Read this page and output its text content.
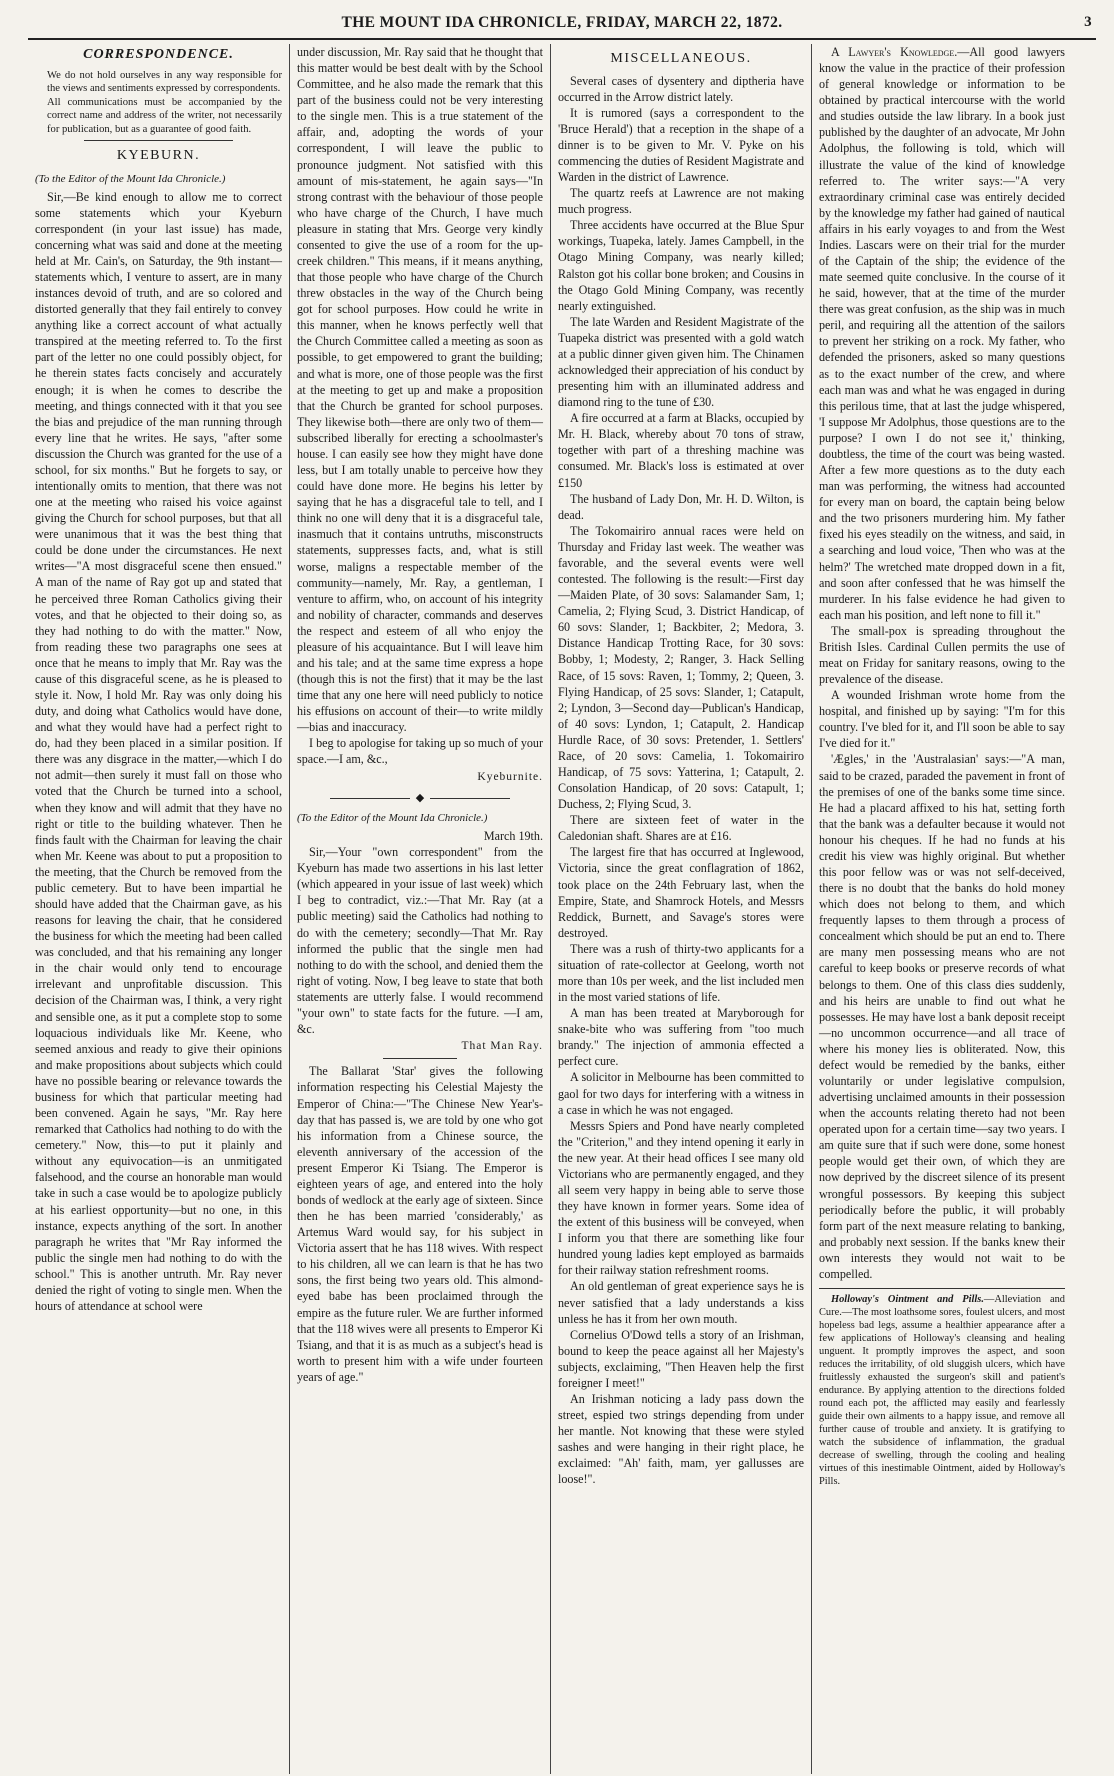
THE MOUNT IDA CHRONICLE, FRIDAY, MARCH 22, 1872.	3
CORRESPONDENCE.

We do not hold ourselves in any way responsible for the views and sentiments expressed by correspondents.

All communications must be accompanied by the correct name and address of the writer, not necessarily for publication, but as a guarantee of good faith.

KYEBURN.

(To the Editor of the Mount Ida Chronicle.)

Sir,—Be kind enough to allow me to correct some statements which your Kyeburn correspondent (in your last issue) has made, concerning what was said and done at the meeting held at Mr. Cain's, on Saturday, the 9th instant—statements which, I venture to assert, are in many instances devoid of truth, and are so colored and distorted generally that they fail entirely to convey anything like a correct account of what actually transpired at the meeting referred to. To the first part of the letter no one could possibly object, for he therein states facts concisely and accurately enough; it is when he comes to describe the meeting, and things connected with it that you see the bias and prejudice of the man running through every line that he writes. He says, "after some discussion the Church was granted for the use of a school, for six months." But he forgets to say, or intentionally omits to mention, that there was not one at the meeting who raised his voice against giving the Church for school purposes, but that all were unanimous that it was the best thing that could be done under the circumstances. He next writes—"A most disgraceful scene then ensued." A man of the name of Ray got up and stated that he perceived three Roman Catholics giving their votes, and that he objected to their doing so, as they had nothing to do with the matter." Now, from reading these two paragraphs one sees at once that he means to imply that Mr. Ray was the cause of this disgraceful scene, as he is pleased to style it. Now, I hold Mr. Ray was only doing his duty, and doing what Catholics would have done, and what they would have had a perfect right to do, had they been placed in a similar position. If there was any disgrace in the matter,—which I do not admit—then surely it must fall on those who voted that the Church be turned into a school, when they know and will admit that they have no right or title to the building whatever. Then he finds fault with the Chairman for leaving the chair when Mr. Keene was about to put a proposition to the meeting, that the Church be removed from the public cemetery. But to have been impartial he should have added that the Chairman gave, as his reasons for leaving the chair, that he considered the business for which the meeting had been called was concluded, and that his remaining any longer in the chair would only tend to encourage irrelevant and unprofitable discussion. This decision of the Chairman was, I think, a very right and sensible one, as it put a complete stop to some loquacious individuals like Mr. Keene, who seemed anxious and ready to give their opinions and make propositions about subjects which could have no possible bearing or relevance towards the business for which that particular meeting had been convened. Again he says, "Mr. Ray here remarked that Catholics had nothing to do with the cemetery." Now, this—to put it plainly and without any equivocation—is an unmitigated falsehood, and the course an honorable man would take in such a case would be to apologize publicly at his earliest opportunity—but no one, in this instance, expects anything of the sort. In another paragraph he writes that "Mr Ray informed the public the single men had nothing to do with the school." This is another untruth. Mr. Ray never denied the right of voting to single men. When the hours of attendance at school were

under discussion, Mr. Ray said that he thought that this matter would be best dealt with by the School Committee, and he also made the remark that this part of the business could not be very interesting to the single men. This is a true statement of the affair, and, adopting the words of your correspondent, I will leave the public to pronounce judgment. Not satisfied with this amount of mis-statement, he again says—"In strong contrast with the behaviour of those people who have charge of the Church, I have much pleasure in stating that Mrs. George very kindly consented to give the use of a room for the up-creek children." This means, if it means anything, that those people who have charge of the Church threw obstacles in the way of the Church being got for school purposes. How could he write in this manner, when he knows perfectly well that the Church Committee called a meeting as soon as possible, to get empowered to grant the building; and what is more, one of those people was the first at the meeting to get up and make a proposition that the Church be granted for school purposes. They likewise both—there are only two of them—subscribed liberally for erecting a schoolmaster's house. I can easily see how they might have done less, but I am totally unable to perceive how they could have done more. He begins his letter by saying that he has a disgraceful tale to tell, and I think no one will deny that it is a disgraceful tale, inasmuch that it contains untruths, misconstructs statements, suppresses facts, and, what is still worse, maligns a respectable member of the community—namely, Mr. Ray, a gentleman, I venture to affirm, who, on account of his integrity and nobility of character, commands and deserves the respect and esteem of all who enjoy the pleasure of his acquaintance. But I will leave him and his tale; and at the same time express a hope (though this is not the first) that it may be the last time that any one here will need publicly to notice his effusions on account of their—to write mildly—bias and inaccuracy.

I beg to apologise for taking up so much of your space.—I am, &c.,

Kyeburnite.

◆

(To the Editor of the Mount Ida Chronicle.)

March 19th.

Sir,—Your "own correspondent" from the Kyeburn has made two assertions in his last letter (which appeared in your issue of last week) which I beg to contradict, viz.:—That Mr. Ray (at a public meeting) said the Catholics had nothing to do with the cemetery; secondly—That Mr. Ray informed the public that the single men had nothing to do with the school, and denied them the right of voting. Now, I beg leave to state that both statements are utterly false. I would recommend "your own" to state facts for the future. —I am, &c.

That Man Ray.

The Ballarat 'Star' gives the following information respecting his Celestial Majesty the Emperor of China:—"The Chinese New Year's-day that has passed is, we are told by one who got his information from a Chinese source, the eleventh anniversary of the accession of the present Emperor Ki Tsiang. The Emperor is eighteen years of age, and entered into the holy bonds of wedlock at the early age of sixteen. Since then he has been married 'considerably,' as Artemus Ward would say, for his subject in Victoria assert that he has 118 wives. With respect to his children, all we can learn is that he has two sons, the first being two years old. This almond-eyed babe has been proclaimed through the empire as the future ruler. We are further informed that the 118 wives were all presents to Emperor Ki Tsiang, and that it is as much as a subject's head is worth to present him with a wife under fourteen years of age."

MISCELLANEOUS.

Several cases of dysentery and diptheria have occurred in the Arrow district lately.

It is rumored (says a correspondent to the 'Bruce Herald') that a reception in the shape of a dinner is to be given to Mr. V. Pyke on his commencing the duties of Resident Magistrate and Warden in the district of Lawrence.

The quartz reefs at Lawrence are not making much progress.

Three accidents have occurred at the Blue Spur workings, Tuapeka, lately. James Campbell, in the Otago Mining Company, was nearly killed; Ralston got his collar bone broken; and Cousins in the Otago Gold Mining Company, was recently nearly extinguished.

The late Warden and Resident Magistrate of the Tuapeka district was presented with a gold watch at a public dinner given given him. The Chinamen acknowledged their appreciation of his conduct by presenting him with an illuminated address and diamond ring to the tune of £30.

A fire occurred at a farm at Blacks, occupied by Mr. H. Black, whereby about 70 tons of straw, together with part of a threshing machine was consumed. Mr. Black's loss is estimated at over £150

The husband of Lady Don, Mr. H. D. Wilton, is dead.

The Tokomairiro annual races were held on Thursday and Friday last week. The weather was favorable, and the several events were well contested. The following is the result:—First day—Maiden Plate, of 30 sovs: Salamander Sam, 1; Camelia, 2; Flying Scud, 3. District Handicap, of 60 sovs: Slander, 1; Backbiter, 2; Medora, 3. Distance Handicap Trotting Race, for 30 sovs: Bobby, 1; Modesty, 2; Ranger, 3. Hack Selling Race, of 15 sovs: Raven, 1; Tommy, 2; Queen, 3. Flying Handicap, of 25 sovs: Slander, 1; Catapult, 2; Lyndon, 3—Second day—Publican's Handicap, of 40 sovs: Lyndon, 1; Catapult, 2. Handicap Hurdle Race, of 30 sovs: Pretender, 1. Settlers' Race, of 20 sovs: Camelia, 1. Tokomairiro Handicap, of 75 sovs: Yatterina, 1; Catapult, 2. Consolation Handicap, of 20 sovs: Catapult, 1; Duchess, 2; Flying Scud, 3.

There are sixteen feet of water in the Caledonian shaft. Shares are at £16.

The largest fire that has occurred at Inglewood, Victoria, since the great conflagration of 1862, took place on the 24th February last, when the Empire, State, and Shamrock Hotels, and Messrs Reddick, Burnett, and Savage's stores were destroyed.

There was a rush of thirty-two applicants for a situation of rate-collector at Geelong, worth not more than 10s per week, and the list included men in the most varied stations of life.

A man has been treated at Maryborough for snake-bite who was suffering from "too much brandy." The injection of ammonia effected a perfect cure.

A solicitor in Melbourne has been committed to gaol for two days for interfering with a witness in a case in which he was not engaged.

Messrs Spiers and Pond have nearly completed the "Criterion," and they intend opening it early in the new year. At their head offices I see many old Victorians who are permanently engaged, and they all seem very happy in being able to serve those they have known in former years. Some idea of the extent of this business will be conveyed, when I inform you that there are something like four hundred young ladies kept employed as barmaids for their railway station refreshment rooms.

An old gentleman of great experience says he is never satisfied that a lady understands a kiss unless he has it from her own mouth.

Cornelius O'Dowd tells a story of an Irishman, bound to keep the peace against all her Majesty's subjects, exclaiming, "Then Heaven help the first foreigner I meet!"

An Irishman noticing a lady pass down the street, espied two strings depending from under her mantle. Not knowing that these were styled sashes and were hanging in their right place, he exclaimed: "Ah' faith, mam, yer gallusses are loose!".

A Lawyer's Knowledge.—All good lawyers know the value in the practice of their profession of general knowledge or information to be obtained by practical intercourse with the world and studies outside the law library. In a book just published by the daughter of an advocate, Mr John Adolphus, the following is told, which will illustrate the value of the kind of knowledge referred to. The writer says:—"A very extraordinary criminal case was entirely decided by the knowledge my father had gained of nautical affairs in his early voyages to and from the West Indies. Lascars were on their trial for the murder of the Captain of the ship; the evidence of the mate seemed quite conclusive. In the course of it he said, however, that at the time of the murder there was great confusion, as the ship was in much peril, and requiring all the attention of the sailors to prevent her striking on a rock. My father, who defended the prisoners, asked so many questions as to the exact number of the crew, and where each man was and what he was engaged in during this perilous time, that at last the judge whispered, 'I suppose Mr Adolphus, those questions are to the purpose? I own I do not see it,' thinking, doubtless, the time of the court was being wasted. After a few more questions as to the duty each man was performing, the witness had accounted for every man on board, the captain being below and the two prisoners murdering him. My father fixed his eyes steadily on the witness, and said, in a searching and loud voice, 'Then who was at the helm?' The wretched mate dropped down in a fit, and soon after confessed that he was himself the murderer. In his false evidence he had given to each man his position, and left none to fill it."

The small-pox is spreading throughout the British Isles. Cardinal Cullen permits the use of meat on Friday for sanitary reasons, owing to the prevalence of the disease.

A wounded Irishman wrote home from the hospital, and finished up by saying: "I'm for this country. I've bled for it, and I'll soon be able to say I've died for it."

'Ægles,' in the 'Australasian' says:—"A man, said to be crazed, paraded the pavement in front of the premises of one of the banks some time since. He had a placard affixed to his hat, setting forth that the bank was a defaulter because it would not honour his cheques. If he had no funds at his credit his view was highly original. But whether this poor fellow was or was not self-deceived, there is no doubt that the banks do hold money which does not belong to them, and which frequently lapses to them through a process of concealment which should be put an end to. There are many men possessing means who are not careful to keep books or preserve records of what belongs to them. One of this class dies suddenly, and his heirs are unable to find out what he possesses. He may have lost a bank deposit receipt—no uncommon occurrence—and all trace of where his money lies is obliterated. Now, this defect would be remedied by the banks, either voluntarily or under legislative compulsion, advertising unclaimed amounts in their possession when the accounts relating thereto had not been operated upon for a certain time—say two years. I am quite sure that if such were done, some honest people would get their own, of which they are now deprived by the discreet silence of its present wrongful possessors. By keeping this subject periodically before the public, it will probably form part of the next measure relating to banking, and probably next session. If the banks knew their own interests they would not wait to be compelled.

Holloway's Ointment and Pills.—Alleviation and Cure.—The most loathsome sores, foulest ulcers, and most hopeless bad legs, assume a healthier appearance after a few applications of Holloway's cleansing and healing unguent. It promptly improves the aspect, and soon reduces the irritability, of old sluggish ulcers, which have fruitlessly exhausted the surgeon's skill and patient's endurance. By applying attention to the directions folded round each pot, the afflicted may easily and fearlessly guide their own ailments to a happy issue, and remove all further cause of trouble and anxiety. It is gratifying to watch the subsidence of inflammation, the gradual decrease of swelling, through the cooling and healing virtues of this inestimable Ointment, aided by Holloway's Pills.
